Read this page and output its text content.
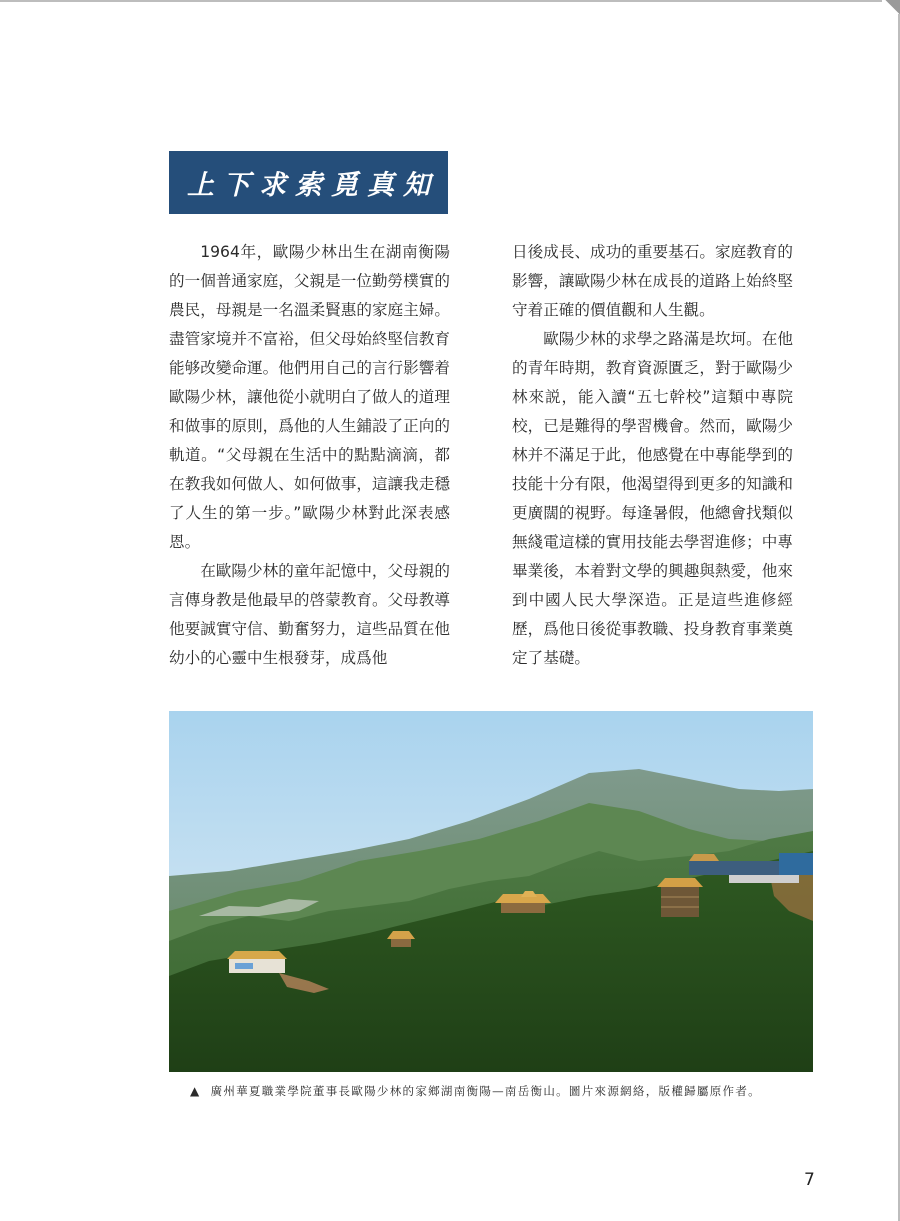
上下求索覓真知

1964年，歐陽少林出生在湖南衡陽的一個普通家庭，父親是一位勤勞樸實的農民，母親是一名溫柔賢惠的家庭主婦。盡管家境并不富裕，但父母始終堅信教育能够改變命運。他們用自己的言行影響着歐陽少林，讓他從小就明白了做人的道理和做事的原則，爲他的人生鋪設了正向的軌道。“父母親在生活中的點點滴滴，都在教我如何做人、如何做事，這讓我走穩了人生的第一步。”歐陽少林對此深表感恩。

在歐陽少林的童年記憶中，父母親的言傳身教是他最早的啓蒙教育。父母教導他要誠實守信、勤奮努力，這些品質在他幼小的心靈中生根發芽，成爲他

日後成長、成功的重要基石。家庭教育的影響，讓歐陽少林在成長的道路上始終堅守着正確的價值觀和人生觀。

歐陽少林的求學之路滿是坎坷。在他的青年時期，教育資源匱乏，對于歐陽少林來説，能入讀“五七幹校”這類中專院校，已是難得的學習機會。然而，歐陽少林并不滿足于此，他感覺在中專能學到的技能十分有限，他渴望得到更多的知識和更廣闊的視野。每逢暑假，他總會找類似無綫電這樣的實用技能去學習進修；中專畢業後，本着對文學的興趣與熱愛，他來到中國人民大學深造。正是這些進修經歷，爲他日後從事教職、投身教育事業奠定了基礎。

▲ 廣州華夏職業學院董事長歐陽少林的家鄉湖南衡陽—南岳衡山。圖片來源網絡，版權歸屬原作者。
7
